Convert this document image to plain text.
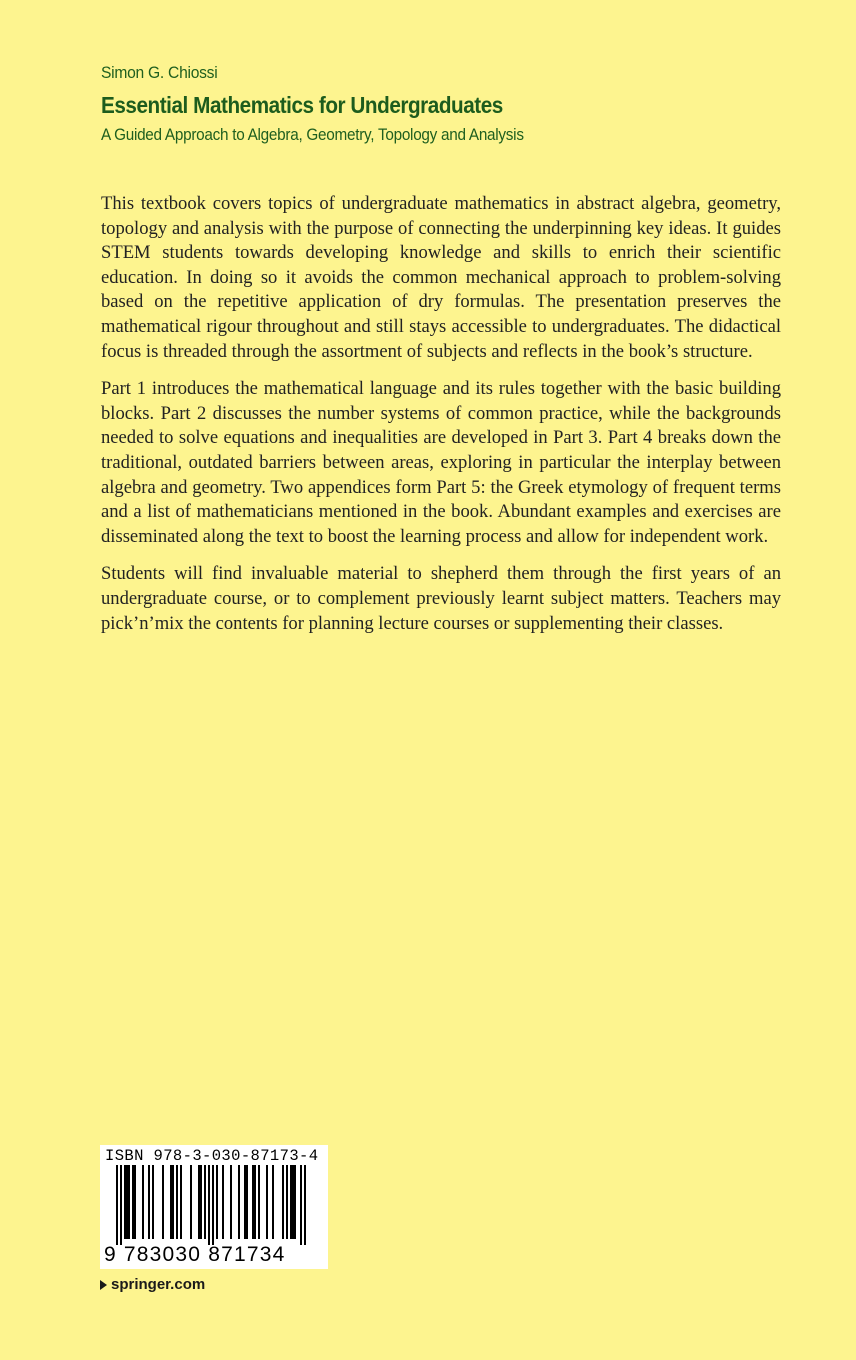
Simon G. Chiossi
Essential Mathematics for Undergraduates
A Guided Approach to Algebra, Geometry, Topology and Analysis

This textbook covers topics of undergraduate mathematics in abstract algebra, geometry, topology and analysis with the purpose of connecting the underpinning key ideas. It guides STEM students towards developing knowledge and skills to enrich their scientific education. In doing so it avoids the common mechanical approach to problem-solving based on the repetitive application of dry formulas. The presentation preserves the mathematical rigour throughout and still stays accessible to undergraduates. The didactical focus is threaded through the assortment of subjects and reflects in the book’s structure.

Part 1 introduces the mathematical language and its rules together with the basic building blocks. Part 2 discusses the number systems of common practice, while the backgrounds needed to solve equations and inequalities are developed in Part 3. Part 4 breaks down the traditional, outdated barriers between areas, exploring in particular the interplay between algebra and geometry. Two appendices form Part 5: the Greek etymology of frequent terms and a list of mathematicians mentioned in the book. Abundant examples and exercises are disseminated along the text to boost the learning process and allow for independent work.

Students will find invaluable material to shepherd them through the first years of an undergraduate course, or to complement previously learnt subject matters. Teachers may pick’n’mix the contents for planning lecture courses or supplementing their classes.

ISBN 978-3-030-87173-4
9 783030 871734
springer.com
